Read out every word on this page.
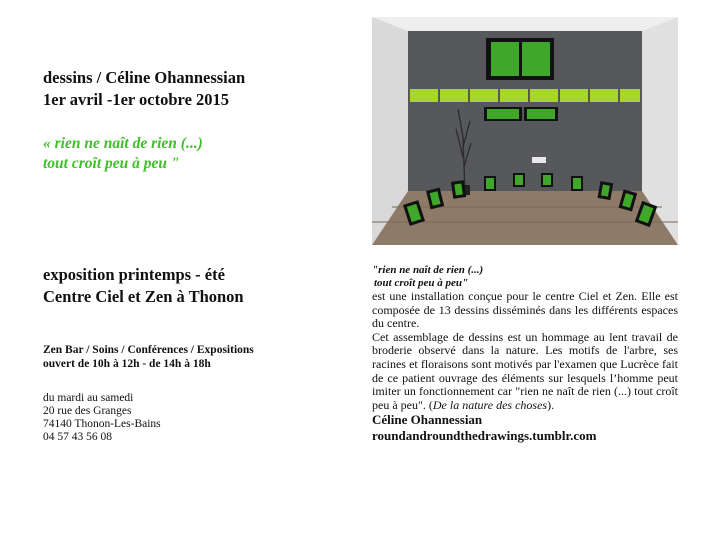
dessins / Céline Ohannessian
1er avril -1er octobre 2015
« rien ne naît de rien (...)
tout croît peu à peu "
exposition printemps - été
Centre Ciel et Zen à Thonon
Zen Bar / Soins / Conférences / Expositions
ouvert de 10h à 12h - de 14h à 18h
du mardi au samedi
20 rue des Granges
74140 Thonon-Les-Bains
04 57 43 56 08

"rien ne naît de rien (...)

tout croît peu à peu"

est une installation conçue pour le centre Ciel et Zen. Elle est composée de 13 dessins disséminés dans les différents espaces du centre.

Cet assemblage de dessins est un hommage au lent travail de broderie observé dans la nature. Les motifs de l'arbre, ses racines et floraisons sont motivés par l'examen que Lucrèce fait de ce patient ouvrage des éléments sur lesquels l’homme peut imiter un fonctionnement car "rien ne naît de rien (...) tout croît peu à peu". (De la nature des choses).

Céline Ohannessian

roundandroundthedrawings.tumblr.com
